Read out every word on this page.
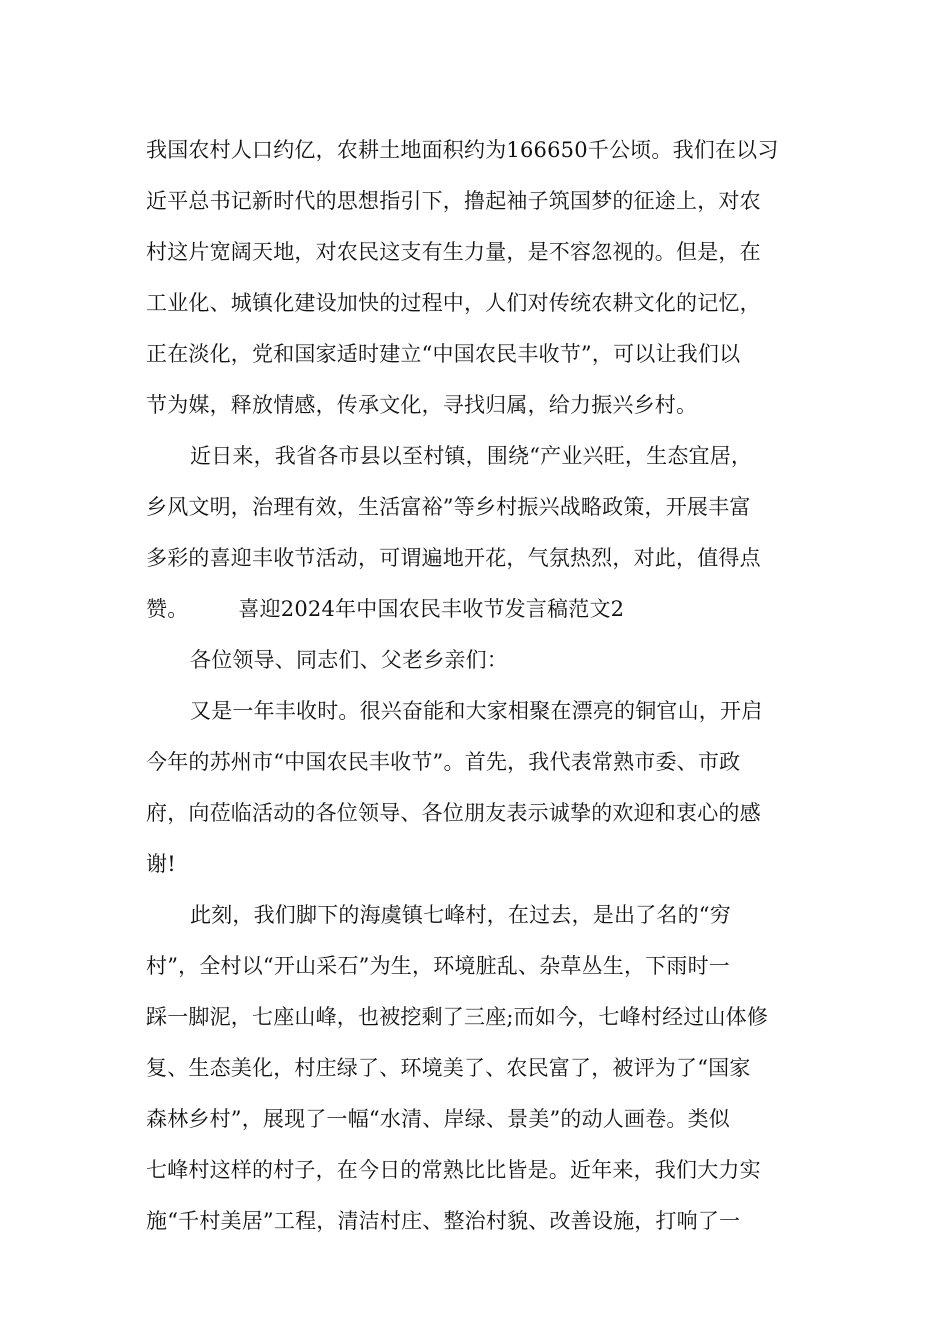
我国农村人口约亿，农耕土地面积约为166650千公顷。我们在以习
近平总书记新时代的思想指引下，撸起袖子筑国梦的征途上，对农
村这片宽阔天地，对农民这支有生力量，是不容忽视的。但是，在
工业化、城镇化建设加快的过程中，人们对传统农耕文化的记忆，
正在淡化，党和国家适时建立“中国农民丰收节”，可以让我们以
节为媒，释放情感，传承文化，寻找归属，给力振兴乡村。
近日来，我省各市县以至村镇，围绕“产业兴旺，生态宜居，
乡风文明，治理有效，生活富裕”等乡村振兴战略政策，开展丰富
多彩的喜迎丰收节活动，可谓遍地开花，气氛热烈，对此，值得点
赞。 喜迎2024年中国农民丰收节发言稿范文2
各位领导、同志们、父老乡亲们：
又是一年丰收时。很兴奋能和大家相聚在漂亮的铜官山，开启
今年的苏州市“中国农民丰收节”。首先，我代表常熟市委、市政
府，向莅临活动的各位领导、各位朋友表示诚挚的欢迎和衷心的感
谢!
此刻，我们脚下的海虞镇七峰村，在过去，是出了名的“穷
村”，全村以“开山采石”为生，环境脏乱、杂草丛生，下雨时一
踩一脚泥，七座山峰，也被挖剩了三座;而如今，七峰村经过山体修
复、生态美化，村庄绿了、环境美了、农民富了，被评为了“国家
森林乡村”，展现了一幅“水清、岸绿、景美”的动人画卷。类似
七峰村这样的村子，在今日的常熟比比皆是。近年来，我们大力实
施“千村美居”工程，清洁村庄、整治村貌、改善设施，打响了一
